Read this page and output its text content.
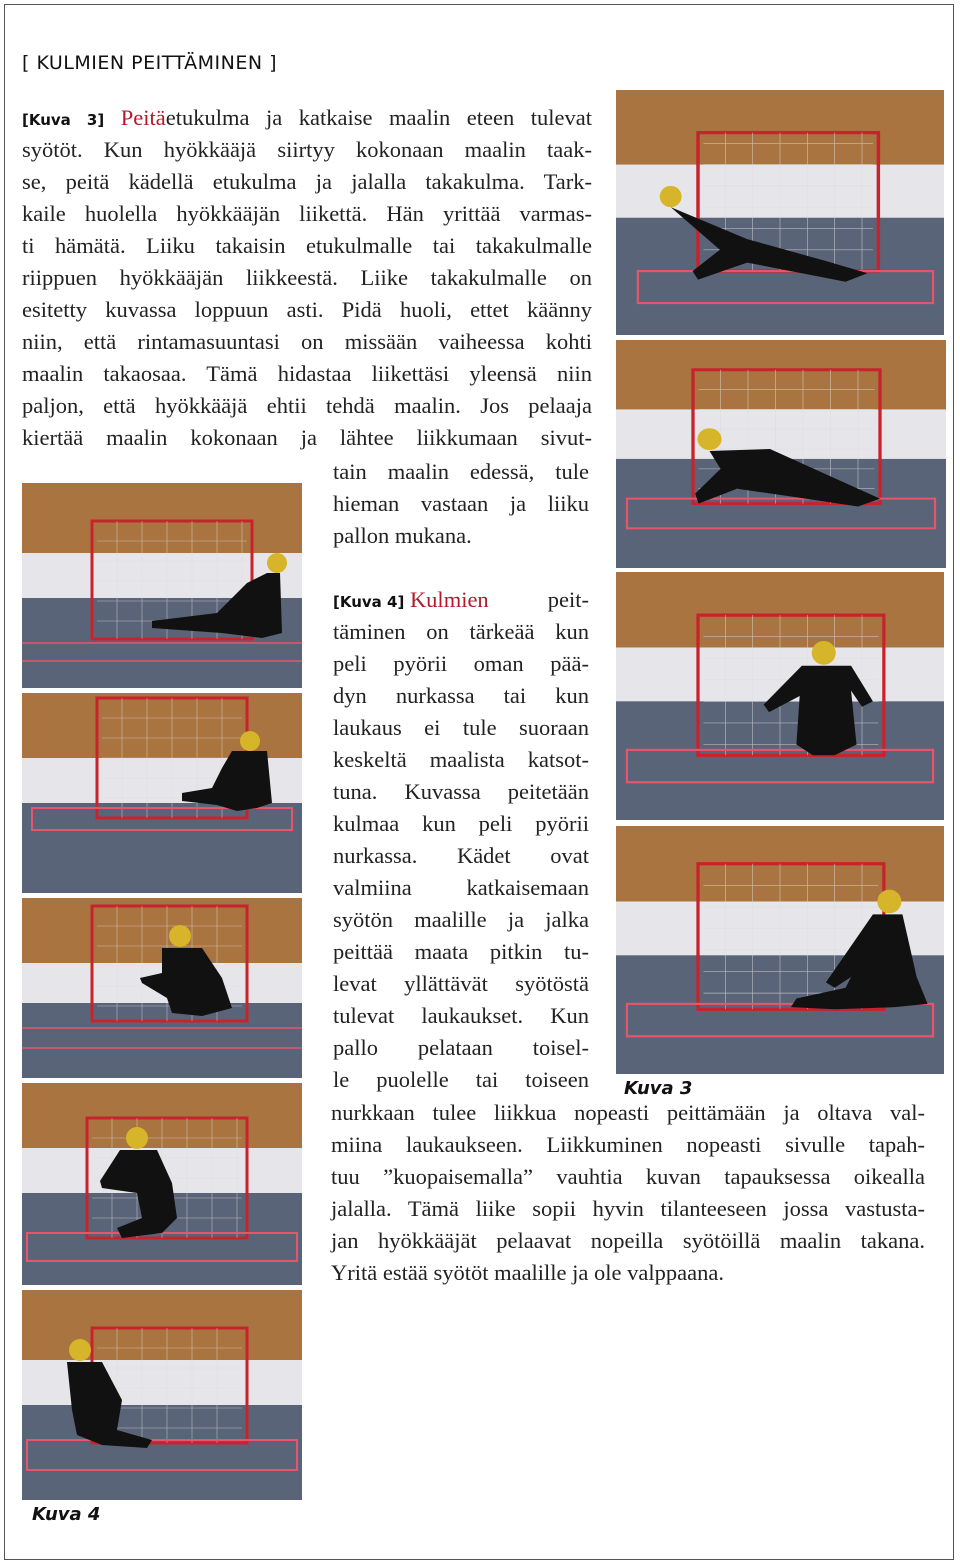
[ KULMIEN PEITTÄMINEN ]
[Kuva 3] Peitäetukulma ja katkaise maalin eteen tulevat
syötöt. Kun hyökkääjä siirtyy kokonaan maalin taak-
se, peitä kädellä etukulma ja jalalla takakulma. Tark-
kaile huolella hyökkääjän liikettä. Hän yrittää varmas-
ti hämätä. Liiku takaisin etukulmalle tai takakulmalle
riippuen hyökkääjän liikkeestä. Liike takakulmalle on
esitetty kuvassa loppuun asti. Pidä huoli, ettet käänny
niin, että rintamasuuntasi on missään vaiheessa kohti
maalin takaosaa. Tämä hidastaa liikettäsi yleensä niin
paljon, että hyökkääjä ehtii tehdä maalin. Jos pelaaja
kiertää maalin kokonaan ja lähtee liikkumaan sivut-
tain maalin edessä, tule
hieman vastaan ja liiku
pallon mukana.
[Kuva 4] Kulmien	peit-
täminen on tärkeää kun
peli pyörii oman pää-
dyn nurkassa tai kun
laukaus ei tule suoraan
keskeltä maalista katsot-
tuna. Kuvassa peitetään
kulmaa kun peli pyörii
nurkassa. Kädet ovat
valmiina katkaisemaan
syötön maalille ja jalka
peittää maata pitkin tu-
levat yllättävät syötöstä
tulevat laukaukset. Kun
pallo pelataan toisel-
le puolelle tai toiseen
nurkkaan tulee liikkua nopeasti peittämään ja oltava val-
miina laukaukseen. Liikkuminen nopeasti sivulle tapah-
tuu ”kuopaisemalla” vauhtia kuvan tapauksessa oikealla
jalalla. Tämä liike sopii hyvin tilanteeseen jossa vastusta-
jan hyökkääjät pelaavat nopeilla syötöillä maalin takana.
Yritä estää syötöt maalille ja ole valppaana.
Kuva 3
Kuva 4
